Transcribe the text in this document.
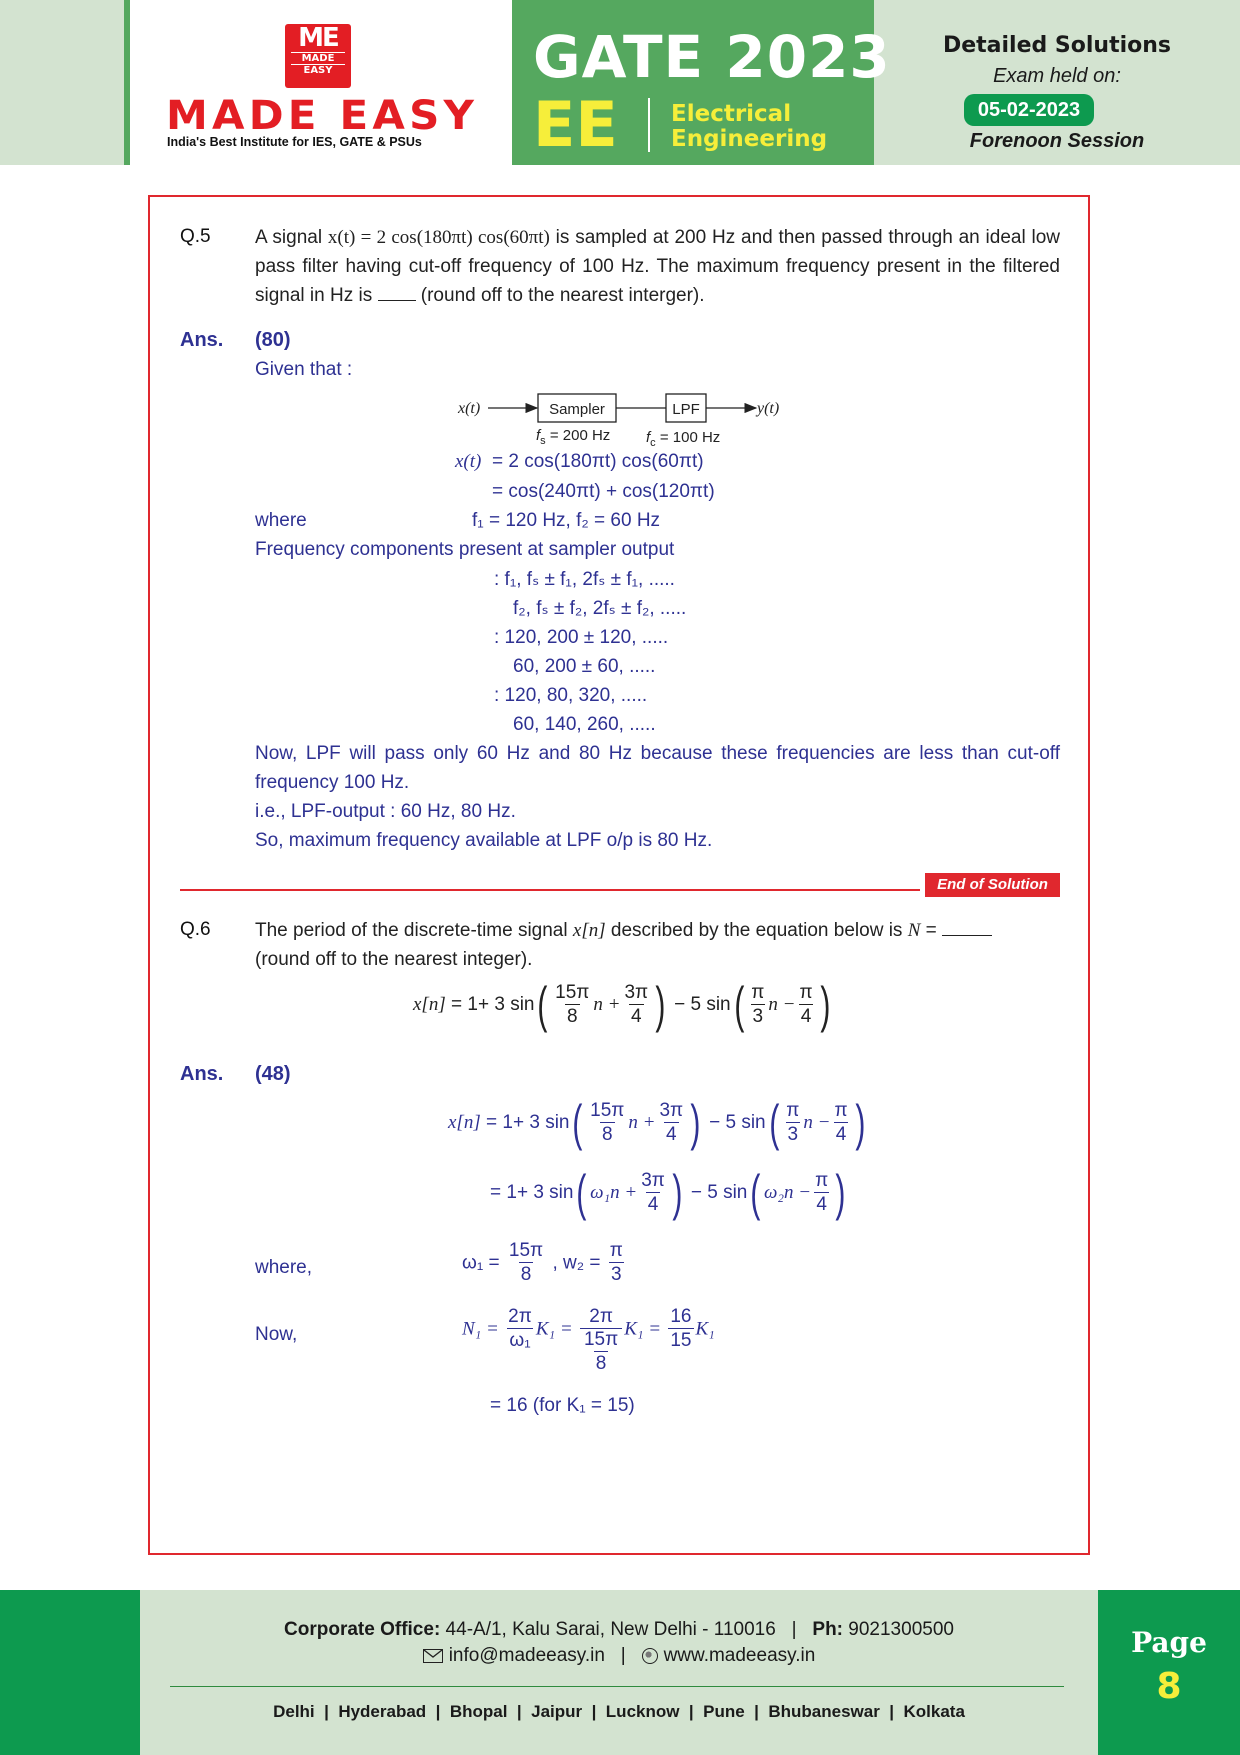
ME
MADE
EASY
MADE EASY
India's Best Institute for IES, GATE & PSUs
GATE 2023
EE Electrical
Engineering
Detailed Solutions
Exam held on:
05-02-2023
Forenoon Session
Q.5 A signal x(t) = 2 cos(180πt) cos(60πt) is sampled at 200 Hz and then passed through an ideal low pass filter having cut-off frequency of 100 Hz. The maximum frequency present in the filtered signal in Hz is  (round off to the nearest interger).
Ans. (80)
Given that :
x(t)	Sampler	LPF	y(t)
$f_s = 200$ Hz $f_c = 100$ Hz
x(t) = 2 cos(180πt) cos(60πt)
= cos(240πt) + cos(120πt)
where	f₁ = 120 Hz, f₂ = 60 Hz
Frequency components present at sampler output
: f₁, fₛ ± f₁, 2fₛ ± f₁, .....
f₂, fₛ ± f₂, 2fₛ ± f₂, .....
: 120, 200 ± 120, .....
60, 200 ± 60, .....
: 120, 80, 320, .....
60, 140, 260, .....
Now, LPF will pass only 60 Hz and 80 Hz because these frequencies are less than cut-off frequency 100 Hz.
i.e., LPF-output : 60 Hz, 80 Hz.
So, maximum frequency available at LPF o/p is 80 Hz.
End of Solution
Q.6 The period of the discrete-time signal x[n] described by the equation below is N =
(round off to the nearest integer).
x[n] = 1+ 3 $\sin( \frac{15\pi}{8}$ $n + \frac{3\pi}{4}$ ) − 5 $\sin( \frac{\pi}{3}$ $n - \frac{\pi}{4}$ )
Ans. (48)
x[n] = 1+ 3 $\sin( \frac{15\pi}{8}$ $n + \frac{3\pi}{4}$ ) − 5 $\sin( \frac{\pi}{3}$ $n - \frac{\pi}{4}$ )
= 1+ 3 sin( $\omega_1n + \frac{3\pi}{4}$ ) − 5 sin( $\omega_2n - \frac{\pi}{4}$ )
where,	$\omega_1 = \frac{15\pi}{8}$ , $w_2 = \frac{\pi}{3}$
Now,	$N_1 = \frac{2\pi}{\text{ω₁}} K_1 = \frac{2\pi}{\frac{15\pi}{8}} K_1 = \frac{16}{15} K_1$
= 16 (for K₁ = 15)
Corporate Office: 44-A/1, Kalu Sarai, New Delhi - 110016 | Ph: 9021300500
info@madeeasy.in | www.madeeasy.in
Delhi  |  Hyderabad  |  Bhopal  |  Jaipur  |  Lucknow  |  Pune  |  Bhubaneswar  |  Kolkata
Page
8
